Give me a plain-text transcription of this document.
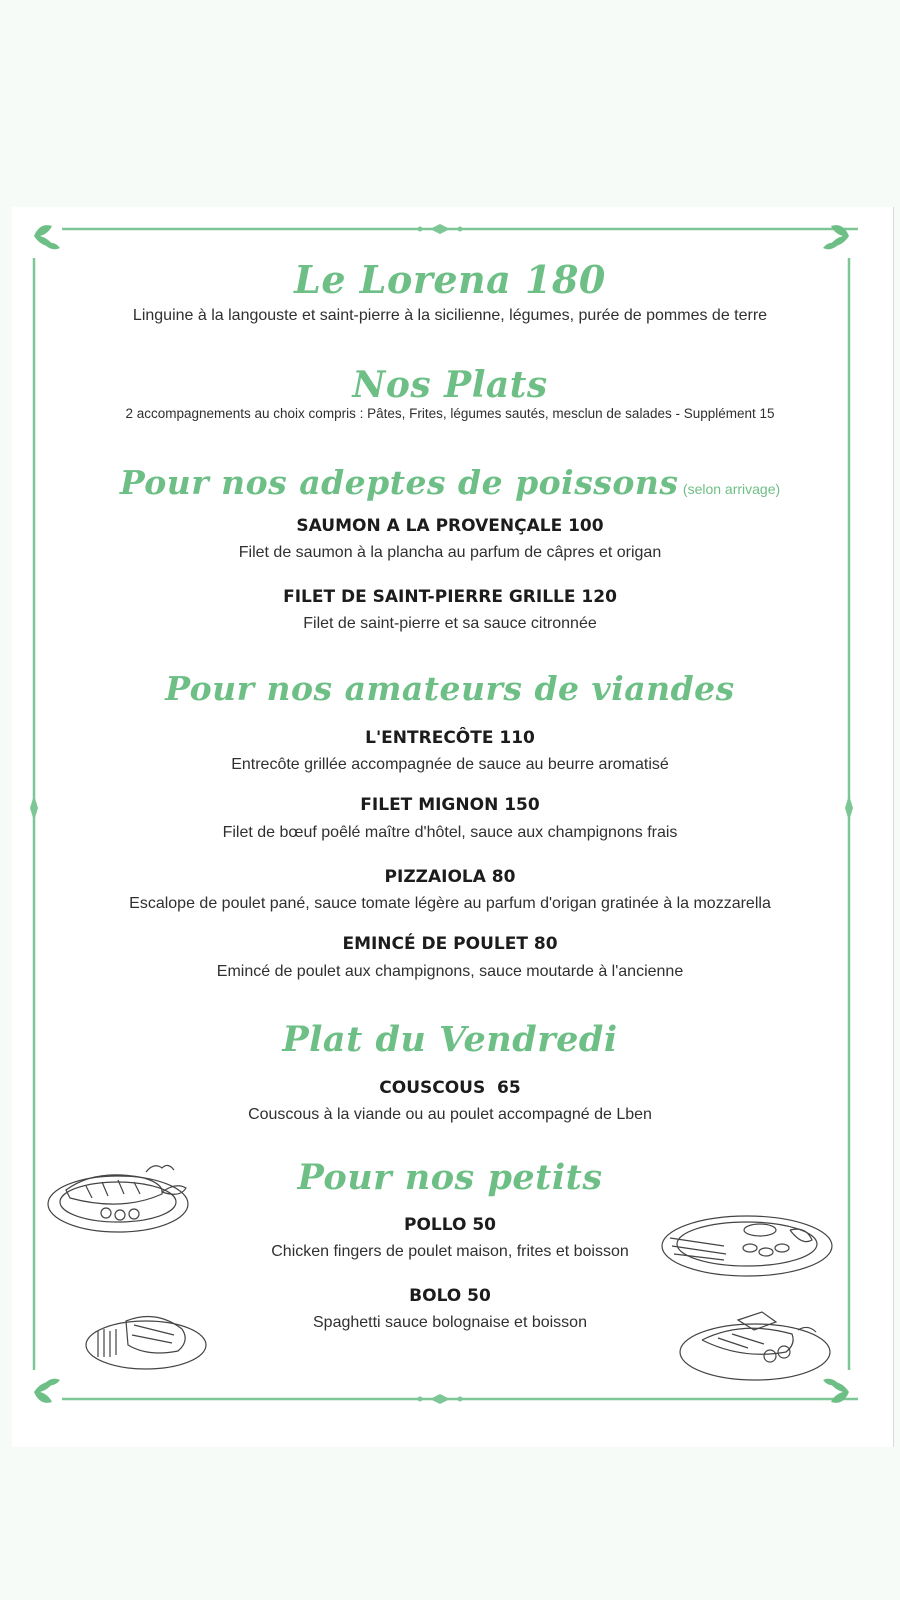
Le Lorena 180
Linguine à la langouste et saint-pierre à la sicilienne, légumes, purée de pommes de terre
Nos Plats
2 accompagnements au choix compris : Pâtes, Frites, légumes sautés, mesclun de salades - Supplément 15
Pour nos adeptes de poissons (selon arrivage)
SAUMON A LA PROVENÇALE 100
Filet de saumon à la plancha au parfum de câpres et origan
FILET DE SAINT-PIERRE GRILLE 120
Filet de saint-pierre et sa sauce citronnée
Pour nos amateurs de viandes
L'ENTRECÔTE 110
Entrecôte grillée accompagnée de sauce au beurre aromatisé
FILET MIGNON 150
Filet de bœuf poêlé maître d'hôtel, sauce aux champignons frais
PIZZAIOLA 80
Escalope de poulet pané, sauce tomate légère au parfum d'origan gratinée à la mozzarella
EMINCÉ DE POULET 80
Emincé de poulet aux champignons, sauce moutarde à l'ancienne
Plat du Vendredi
COUSCOUS  65
Couscous à la viande ou au poulet accompagné de Lben
Pour nos petits
POLLO 50
Chicken fingers de poulet maison, frites et boisson
BOLO 50
Spaghetti sauce bolognaise et boisson
